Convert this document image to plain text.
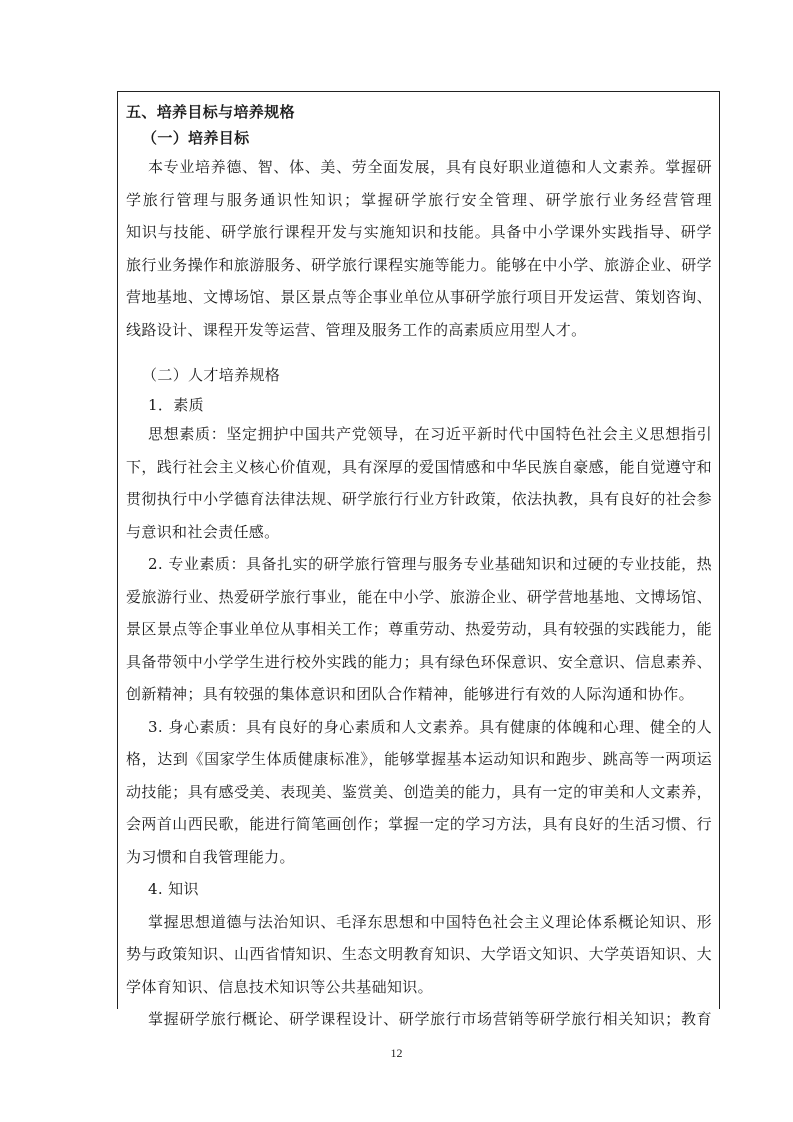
五、培养目标与培养规格
（一）培养目标
本专业培养德、智、体、美、劳全面发展，具有良好职业道德和人文素养。掌握研
学旅行管理与服务通识性知识；掌握研学旅行安全管理、研学旅行业务经营管理
知识与技能、研学旅行课程开发与实施知识和技能。具备中小学课外实践指导、研学
旅行业务操作和旅游服务、研学旅行课程实施等能力。能够在中小学、旅游企业、研学
营地基地、文博场馆、景区景点等企事业单位从事研学旅行项目开发运营、策划咨询、
线路设计、课程开发等运营、管理及服务工作的高素质应用型人才。
（二）人才培养规格
1．素质
思想素质：坚定拥护中国共产党领导，在习近平新时代中国特色社会主义思想指引
下，践行社会主义核心价值观，具有深厚的爱国情感和中华民族自豪感，能自觉遵守和
贯彻执行中小学德育法律法规、研学旅行行业方针政策，依法执教，具有良好的社会参
与意识和社会责任感。
2. 专业素质：具备扎实的研学旅行管理与服务专业基础知识和过硬的专业技能，热
爱旅游行业、热爱研学旅行事业，能在中小学、旅游企业、研学营地基地、文博场馆、
景区景点等企事业单位从事相关工作；尊重劳动、热爱劳动，具有较强的实践能力，能
具备带领中小学学生进行校外实践的能力；具有绿色环保意识、安全意识、信息素养、
创新精神；具有较强的集体意识和团队合作精神，能够进行有效的人际沟通和协作。
3. 身心素质：具有良好的身心素质和人文素养。具有健康的体魄和心理、健全的人
格，达到《国家学生体质健康标准》，能够掌握基本运动知识和跑步、跳高等一两项运
动技能；具有感受美、表现美、鉴赏美、创造美的能力，具有一定的审美和人文素养，
会两首山西民歌，能进行简笔画创作；掌握一定的学习方法，具有良好的生活习惯、行
为习惯和自我管理能力。
4. 知识
掌握思想道德与法治知识、毛泽东思想和中国特色社会主义理论体系概论知识、形
势与政策知识、山西省情知识、生态文明教育知识、大学语文知识、大学英语知识、大
学体育知识、信息技术知识等公共基础知识。
掌握研学旅行概论、研学课程设计、研学旅行市场营销等研学旅行相关知识；教育
12
